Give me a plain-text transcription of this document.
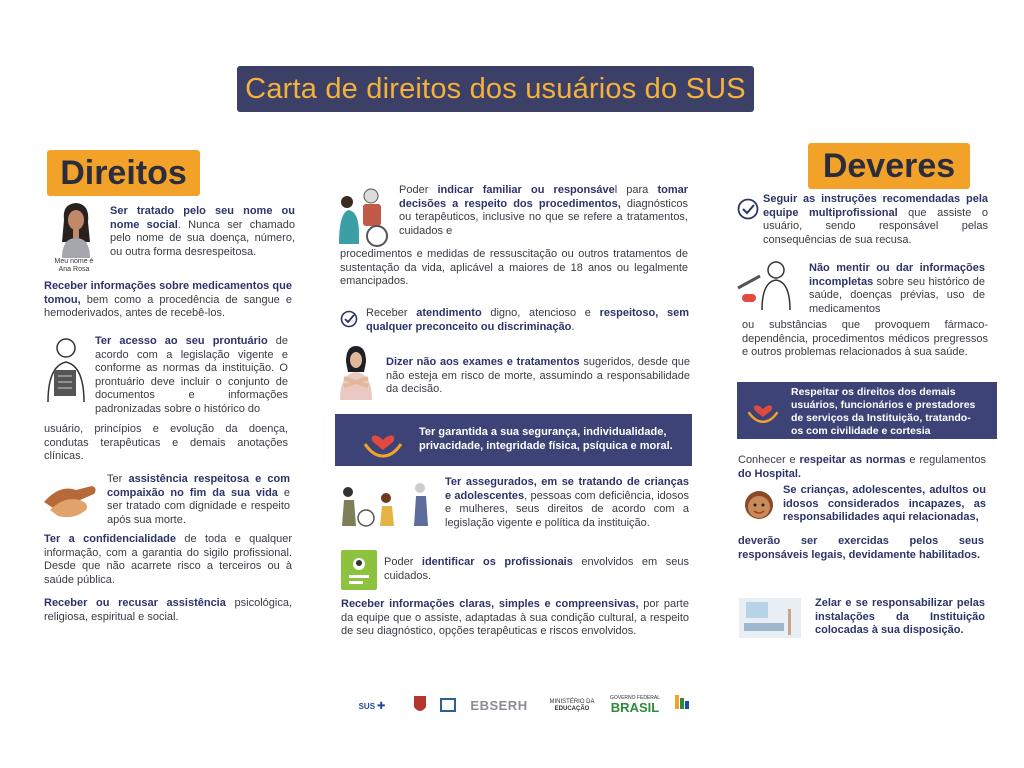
Carta de direitos dos usuários do SUS
Direitos	Deveres
Meu nome é
Ana Rosa
Ser tratado pelo seu nome ou nome social. Nunca ser chamado pelo nome de sua doença, número, ou outra forma desrespeitosa.
Receber informações sobre medicamentos que tomou, bem como a procedência de sangue e hemoderivados, antes de recebê-los.
Ter acesso ao seu prontuário de acordo com a legislação vigente e conforme as normas da instituição. O prontuário deve incluir o conjunto de documentos e informações padronizadas sobre o histórico do
usuário, princípios e evolução da doença, condutas terapêuticas e demais anotações clínicas.
Ter assistência respeitosa e com compaixão no fim da sua vida e ser tratado com dignidade e respeito após sua morte.
Ter a confidencialidade de toda e qualquer informação, com a garantia do sigilo profissional. Desde que não acarrete risco a terceiros ou à saúde pública.
Receber ou recusar assistência psicológica, religiosa, espiritual e social.
Poder indicar familiar ou responsável para tomar decisões a respeito dos procedimentos, diagnósticos ou terapêuticos, inclusive no que se refere a tratamentos, cuidados e
procedimentos e medidas de ressuscitação ou outros tratamentos de sustentação da vida, aplicável a maiores de 18 anos ou legalmente emancipados.
Receber atendimento digno, atencioso e respeitoso, sem qualquer preconceito ou discriminação.
Dizer não aos exames e tratamentos sugeridos, desde que não esteja em risco de morte, assumindo a responsabilidade da decisão.
Ter garantida a sua segurança, individualidade, privacidade, integridade física, psíquica e moral.
Ter assegurados, em se tratando de crianças e adolescentes, pessoas com deficiência, idosos e mulheres, seus direitos de acordo com a legislação vigente e política da instituição.
Poder identificar os profissionais envolvidos em seus cuidados.
Receber informações claras, simples e compreensivas, por parte da equipe que o assiste, adaptadas à sua condição cultural, a respeito de seu diagnóstico, opções terapêuticas e riscos envolvidos.
Seguir as instruções recomendadas pela equipe multiprofissional que assiste o usuário, sendo responsável pelas consequências de sua recusa.
Não mentir ou dar informações incompletas sobre seu histórico de saúde, doenças prévias, uso de medicamentos
ou substâncias que provoquem fármaco-dependência, procedimentos médicos pregressos e outros problemas relacionados à sua saúde.
Respeitar os direitos dos demais usuários, funcionários e prestadores de serviços da Instituição, tratando-os com civilidade e cortesia
Conhecer e respeitar as normas e regulamentos do Hospital.
Se crianças, adolescentes, adultos ou idosos considerados incapazes, as responsabilidades aqui relacionadas,
deverão ser exercidas pelos seus responsáveis legais, devidamente habilitados.
Zelar e se responsabilizar pelas instalações da Instituição colocadas à sua disposição.
SUS ✚	EBSERH	MINISTÉRIO DA
EDUCAÇÃO
GOVERNO FEDERAL
BRASIL
